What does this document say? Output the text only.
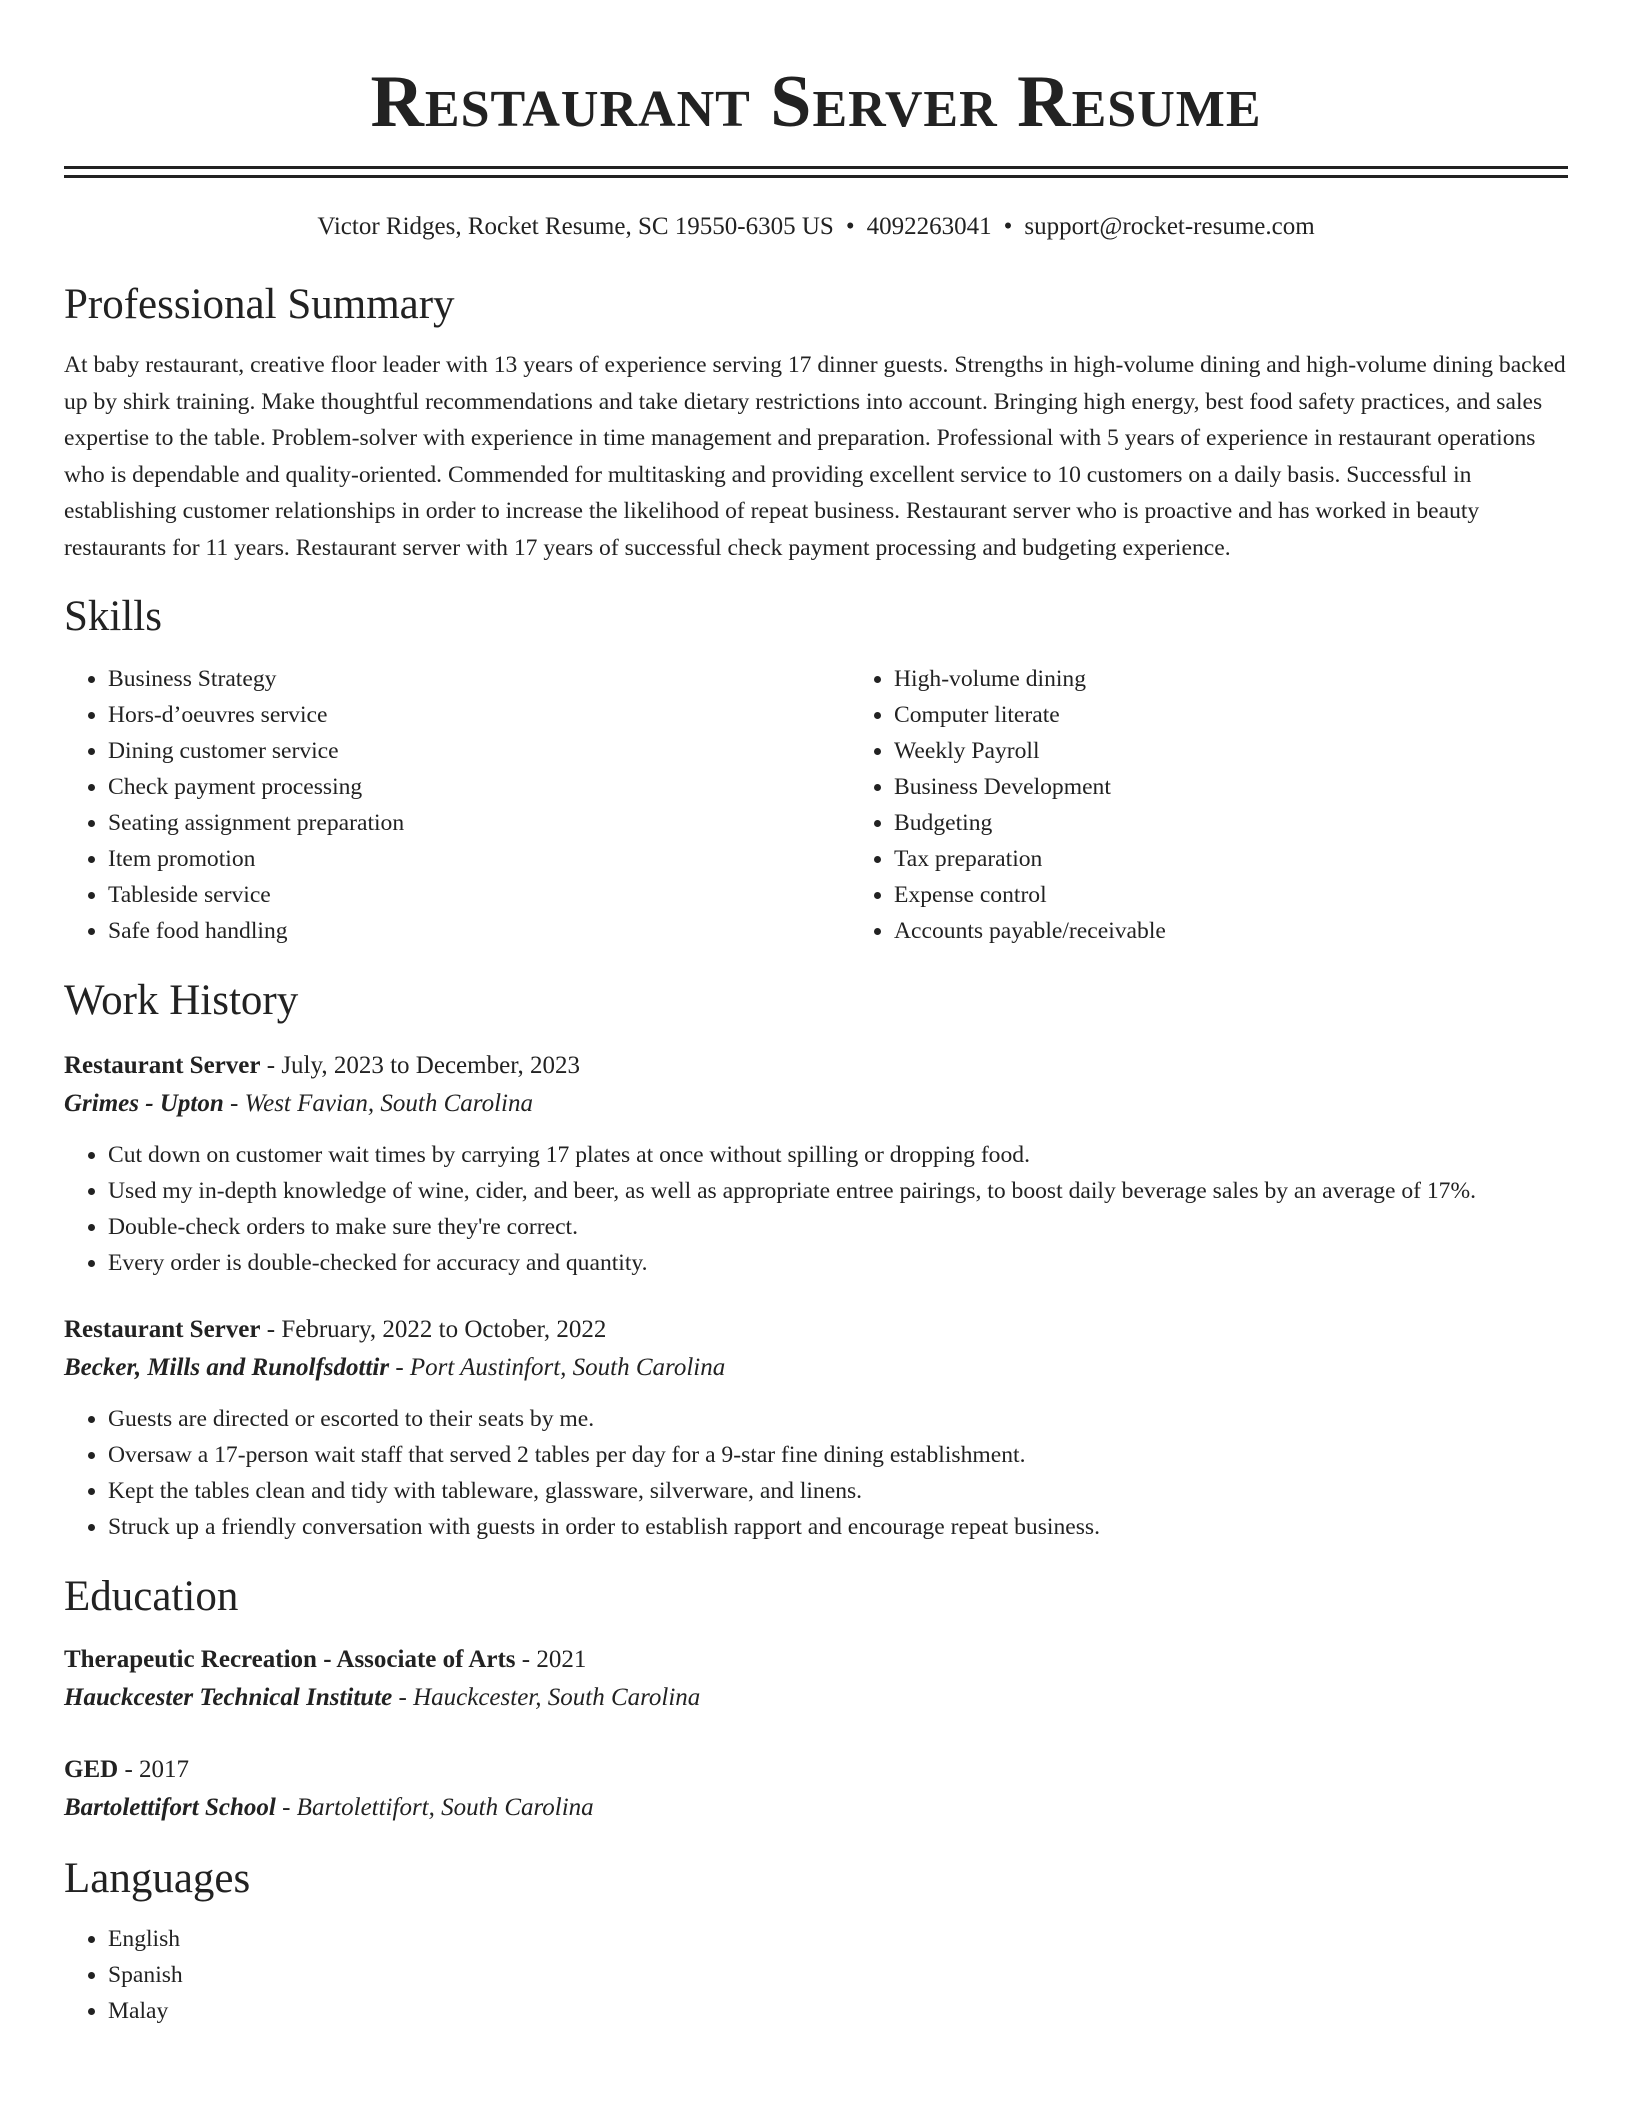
Restaurant Server Resume
Victor Ridges, Rocket Resume, SC 19550-6305 US • 4092263041 • support@rocket-resume.com
Professional Summary

At baby restaurant, creative floor leader with 13 years of experience serving 17 dinner guests. Strengths in high-volume dining and high-volume dining backed up by shirk training. Make thoughtful recommendations and take dietary restrictions into account. Bringing high energy, best food safety practices, and sales expertise to the table. Problem-solver with experience in time management and preparation. Professional with 5 years of experience in restaurant operations who is dependable and quality-oriented. Commended for multitasking and providing excellent service to 10 customers on a daily basis. Successful in establishing customer relationships in order to increase the likelihood of repeat business. Restaurant server who is proactive and has worked in beauty restaurants for 11 years. Restaurant server with 17 years of successful check payment processing and budgeting experience.

Skills
• Business Strategy
• Hors-d’oeuvres service
• Dining customer service
• Check payment processing
• Seating assignment preparation
• Item promotion
• Tableside service
• Safe food handling
• High-volume dining
• Computer literate
• Weekly Payroll
• Business Development
• Budgeting
• Tax preparation
• Expense control
• Accounts payable/receivable
Work History
Restaurant Server - July, 2023 to December, 2023
Grimes - Upton - West Favian, South Carolina
• Cut down on customer wait times by carrying 17 plates at once without spilling or dropping food.
• Used my in-depth knowledge of wine, cider, and beer, as well as appropriate entree pairings, to boost daily beverage sales by an average of 17%.
• Double-check orders to make sure they're correct.
• Every order is double-checked for accuracy and quantity.
Restaurant Server - February, 2022 to October, 2022
Becker, Mills and Runolfsdottir - Port Austinfort, South Carolina
• Guests are directed or escorted to their seats by me.
• Oversaw a 17-person wait staff that served 2 tables per day for a 9-star fine dining establishment.
• Kept the tables clean and tidy with tableware, glassware, silverware, and linens.
• Struck up a friendly conversation with guests in order to establish rapport and encourage repeat business.
Education
Therapeutic Recreation - Associate of Arts - 2021
Hauckcester Technical Institute - Hauckcester, South Carolina
GED - 2017
Bartolettifort School - Bartolettifort, South Carolina
Languages
• English
• Spanish
• Malay
